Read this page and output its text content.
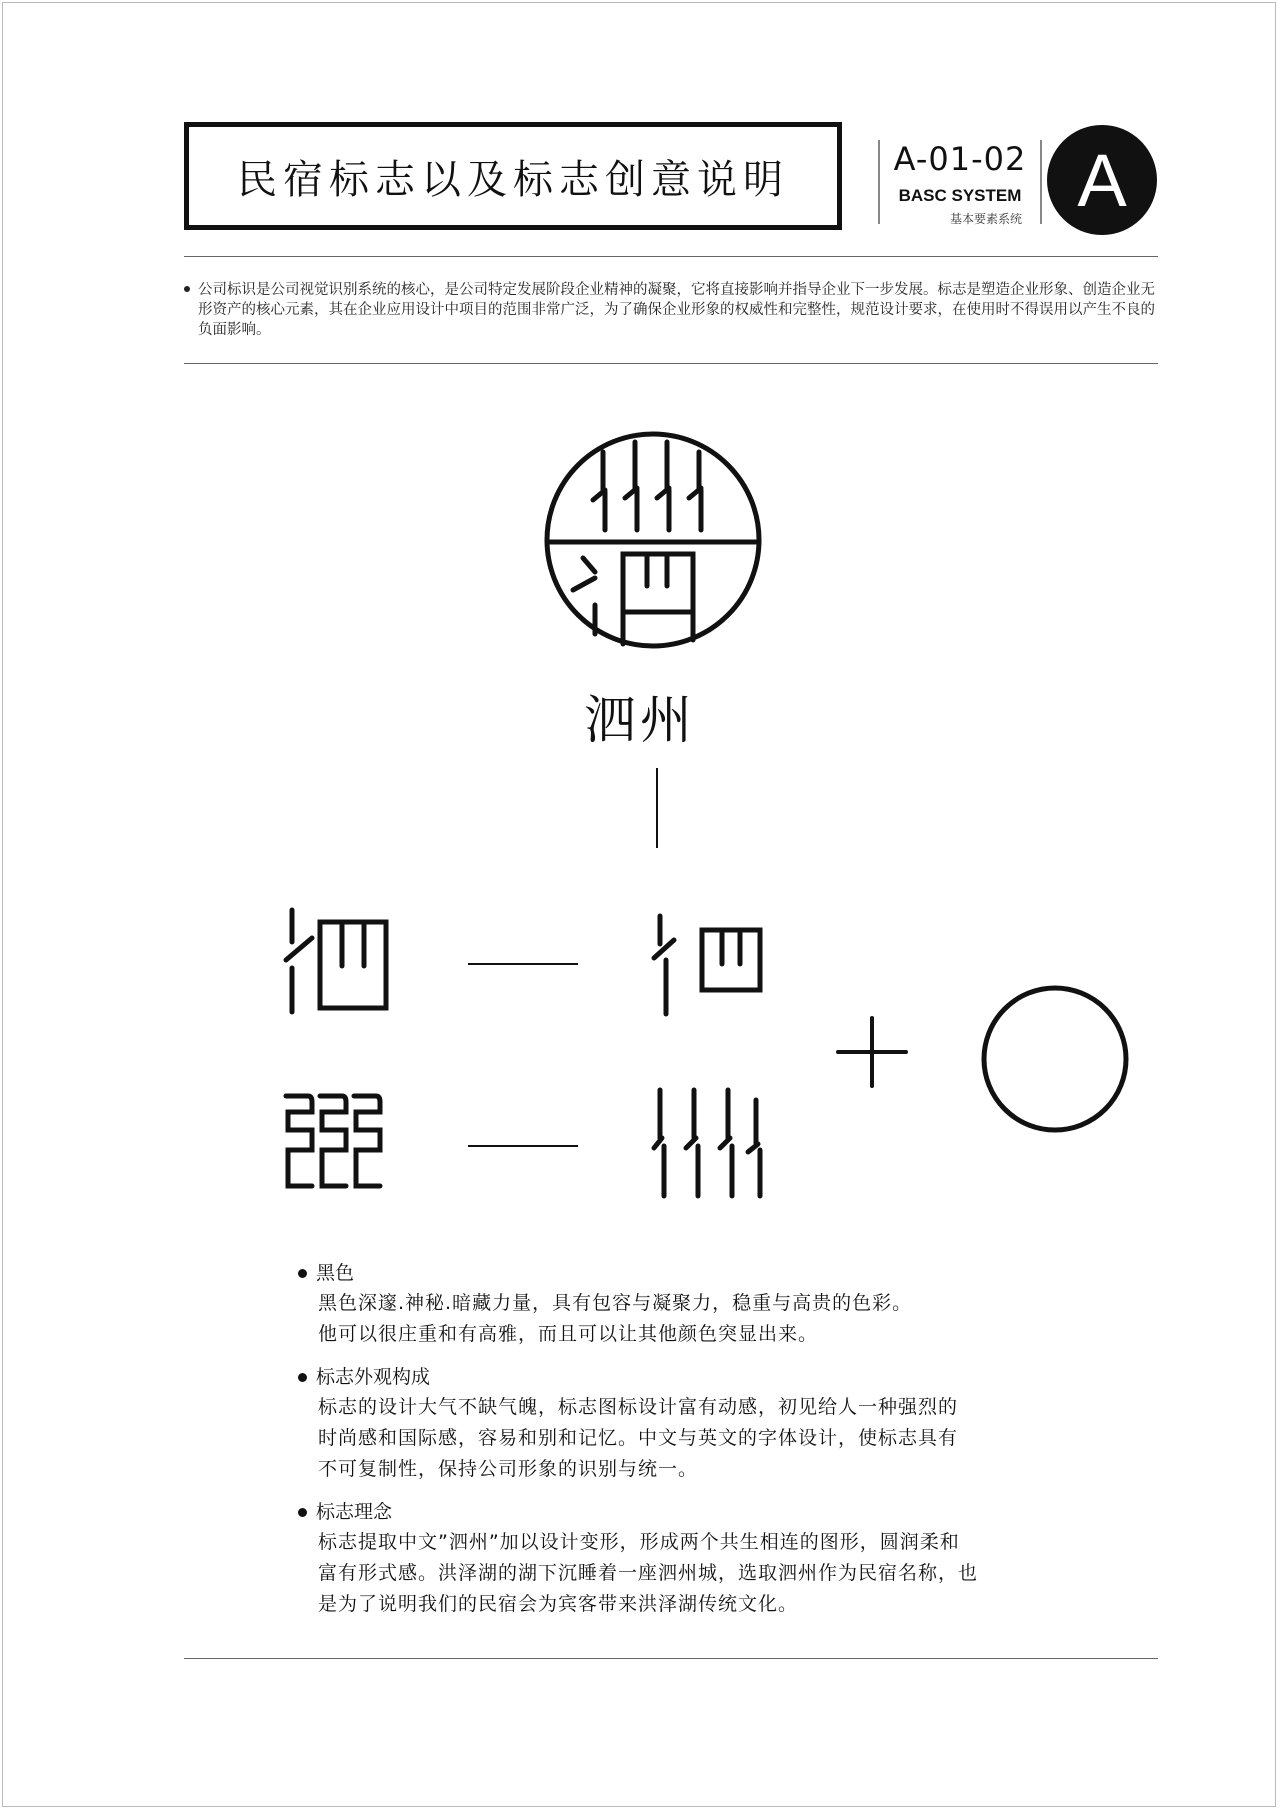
民宿标志以及标志创意说明	A-01-02
BASC SYSTEM
基本要素系统 A
公司标识是公司视觉识别系统的核心，是公司特定发展阶段企业精神的凝聚，它将直接影响并指导企业下一步发展。标志是塑造企业形象、创造企业无形资产的核心元素，其在企业应用设计中项目的范围非常广泛，为了确保企业形象的权威性和完整性，规范设计要求，在使用时不得误用以产生不良的负面影响。
泗州
黑色
黑色深邃.神秘.暗藏力量，具有包容与凝聚力，稳重与高贵的色彩。
他可以很庄重和有高雅，而且可以让其他颜色突显出来。
标志外观构成
标志的设计大气不缺气魄，标志图标设计富有动感，初见给人一种强烈的
时尚感和国际感，容易和别和记忆。中文与英文的字体设计，使标志具有
不可复制性，保持公司形象的识别与统一。
标志理念
标志提取中文”泗州”加以设计变形，形成两个共生相连的图形，圆润柔和
富有形式感。洪泽湖的湖下沉睡着一座泗州城，选取泗州作为民宿名称，也
是为了说明我们的民宿会为宾客带来洪泽湖传统文化。
